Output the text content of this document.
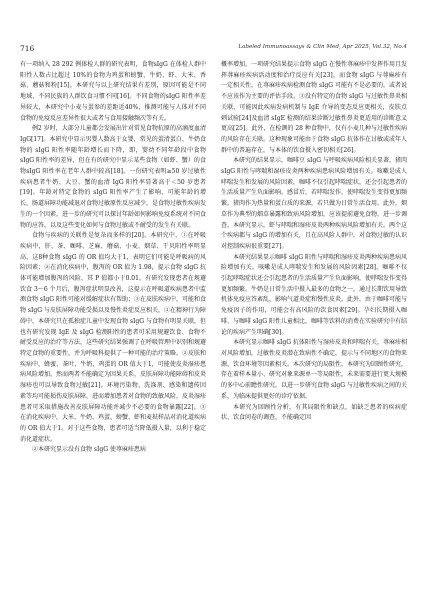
716	Labeled Immunoassays & Clin Med, Apr 2025, Vol.32, No.4

有一项纳入 28 292 例体检人群的研究表明，食物sIgG 在体检人群中阳性人数占比超过 10%的食物为鸡蛋和螃蟹、牛奶、虾、大米、香菇、蘑菇和粉[15]。本研究与以上研究结果有差别，原因可能是不同地域、不同民族的人群饮食习惯不同[16]。不同食物的sIgG 阳性率差异较大，本研究中小麦与蛋参的差距近40%，推测可能与人体对不同食物的免疫反应差异性很大或者与食用接触频次等有关。

例2 岁时，大部分儿童都会发展出针对常见食物抗原的高滴度血清 IgG[17]。本研究中显示男婴人数高于女婴，常见的蛋清蛋白、牛奶食物的 sIgG 阳性率随年龄增长而下降，即，婴幼不同年龄段中食物 sIgG 阳性率的差异，但在有的研究中显示某些食物（如虾、蟹）的食物sIgG 阳性率在老年人群中较高[18]。一份研究表明≥50 岁过敏性疾病患者牛奶、大豆、蟹的血清 IgG 阳性率显著高于＜50 岁患者[19]。年龄对特定食物的 sIgG 阳性率产生了影响，可能年龄的增长，肠道屏障功能减退对食物过敏原性反应减少，是食物过敏性疾病发生的一个因素，进一步的研究可以探讨年龄如何影响免疫系统对不同食物的应答，以及这些变化如何与食物过敏或不耐受的发生有关联。

食物与疾病的关联性是复杂而多样的[20]。本研究中，①在呼吸疾病中，肝、茶、咖啡、芝麻、蘑菇、小麦、烟草、干贝阳性率明显高，这8种食物 sIgG 的 OR 值均大于1，表明它们可能是呼吸病的风险因素；②在消化疾病中，腹泻的 OR 值为 1.98，提示食物 sIgG 抗体可能增加腹泻的风险，其 P 值都小于0.01。有研究发现患者在规避饮食 3～6 个月后，腹泻症状明显改善，这提示在呼吸道疾病患者中监测食物 sIgG 阳性可能对缓解症状有帮助；③在皮肤疾病中，可能和食物 sIgG 与皮肤屏障功能受损以及慢性炎症反应相关，④在精神行为障碍中，本研究只在孤独症儿童中发现食物 sIgG 与食物有明显关联，但也有研究发现 IgE 及 sIgG 检测阳性的患者可采用规避饮食、食物不耐受反应的治疗等方法，这些研究结果强调了在呼吸管理中识别和规避特定食物的重要性，并为呼吸科提供了一种可能的治疗策略。②皮肤和疾病中，蜂蜜、茶叶、牛奶、鸡蛋的 OR 值大于1，可能使皮炎湿疹患病风险增加。然而两者不能确定为因果关系，皮肤屏障功能障碍和皮炎湿疹也可以导致食物过敏[21]。环境污染物、洗涤剂、感染和遗传因素等均可能损伤皮肤屏障，进而增加患者对食物的致敏风险，皮炎湿疹患者可采取措施改善皮肤屏障功能并减少不必要的食物暴露[22]。③在消化疾病中，大米、牛奶、鸡蛋、螃蟹、虾和麦麸样品对消化道疾病的 OR 值大于1。对于这些食物，患者可适当降低摄入量，以利于稳定消化道症状。

②本研究显示没有食物 sIgG 使荨麻疹患病

概率增加。一项研究结果提示食物 sIgG 在慢性荨麻疹中发挥作用且发挥荨麻疹疾病活动度和治疗反应有关[23]，而食物 sIgG 与荨麻疹有一定相关性，在荨麻疹疾病检测食物 sIgG 可能有不是必要的，或者说不应该作为主要的评估手段。③没有特定的食物 sIgG 与过敏性鼻炎相关联，可能因此疾病发病机制与 IgE 介导的变态反应更相关，皮肤点刺试验[24]及血清 sIgE 检测的结果诊断过敏性鼻炎更适用的诊断意义更高[25]。此外，在检测的 28 种食物中，仅有小麦几种与过敏性疾病的风险存在关联。这种现象可能由于食物 sIgG 抗体作在讨敏或成年人群中的普遍存在，与本体的饮食摄入密切相关[26]。

本研究的结果显示，咖啡豆 sIgG 与呼吸疾病风险相关显著，猪肉 sIgG 阳性与哮喘和湿疹皮炎两种疾病患病风险增加有关。咳嗽是成人哮喘发生和发展的风险因素，咖啡不仅引起哮喘症状，还会引起患者的生活质量产生负面影响。感冒后，若哮喘发作，使哮喘发生变得更加频繁。猪肉作为热量和蛋白质的来源，若只做为日常生活食用。此外，烟草作为典型的烟草暴露和致病风险增加，应该提前避免食物，进一步调查。本研究显示，虾与哮喘和湿疹皮炎两种疾病风险增加有关。两个这个疾病都与 sIgG 的增加有关，且在高风险人群中，对食物过敏的认识对控制疾病很重要[27]。

本研究结果显示咖啡 sIgG 阳性与哮喘和湿疹皮炎两种疾病患病风险增加有关。咳嗽是成人哮喘发生和发展的风险因素[28]，咖啡不仅引起哮喘症状还会引起患者的生活质量产生负面影响，使哮喘发作变得更加频繁。牛奶是日常生活中摄入最多的食物之一，通过长期饮用导致机体免疫应答紊乱，影响气道炎症和慢性皮炎。此外，由于咖啡可能与免疫因子的作用，可能会有高风险的饮食因素[29]。孕妇长期摄入咖啡、与咖啡 sIgG 阳性儿童相比，咖啡等饮料的消费在实验研究中有结论的疾病产生明确[30]。

本研究显示咖啡 sIgG 抗体阳性与湿疹皮炎和哮喘有关，荨麻疹相对风险增加，过敏性皮炎潜在致病性不确定，提示与不同地区的食物来源、饮食环境等因素相关。本次研究的局限性，本研究为回顾性研究，存在着样本量小、研究对象来源单一等局限性，未来需要进行更大规模的多中心前瞻性研究，以进一步研究食物 sIgG 与过敏性疾病之间的关系，为临床提供更好的诊疗依据。

本研究为回顾性分析，有其局限性和缺点，如缺乏患者的疾病症状、饮食问卷的调查，不能确定因
